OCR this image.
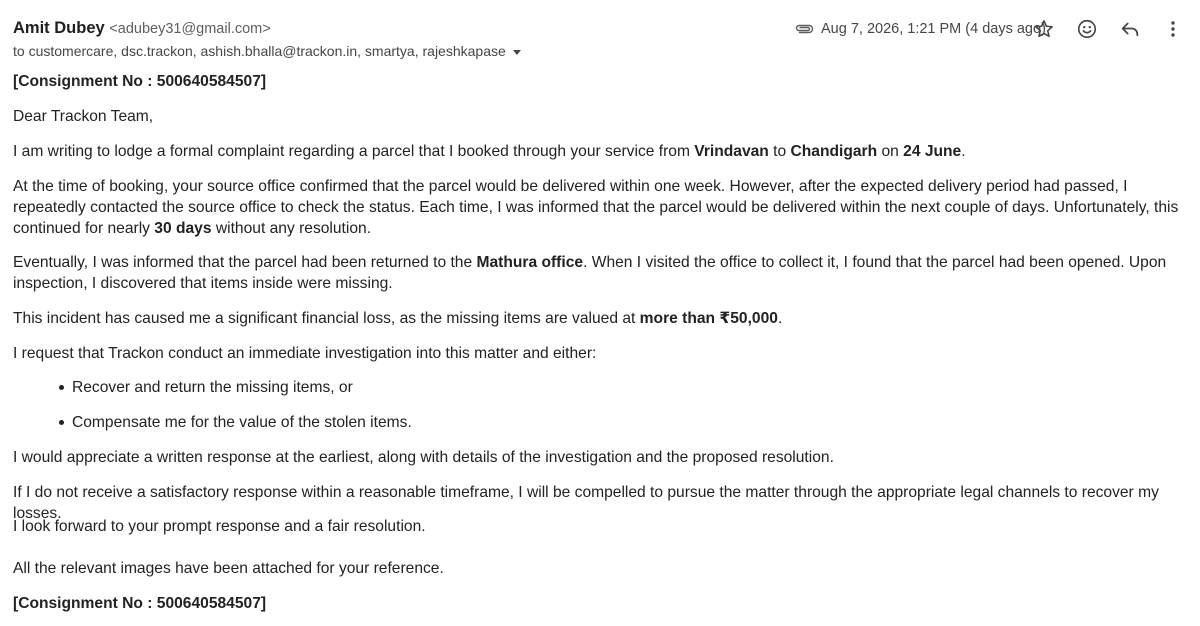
Amit Dubey <adubey31@gmail.com>
to customercare, dsc.trackon, ashish.bhalla@trackon.in, smartya, rajeshkapase
Aug 7, 2026, 1:21 PM (4 days ago)

[Consignment No : 500640584507]

Dear Trackon Team,

I am writing to lodge a formal complaint regarding a parcel that I booked through your service from Vrindavan to Chandigarh on 24 June.

At the time of booking, your source office confirmed that the parcel would be delivered within one week. However, after the expected delivery period had passed, I repeatedly contacted the source office to check the status. Each time, I was informed that the parcel would be delivered within the next couple of days. Unfortunately, this continued for nearly 30 days without any resolution.

Eventually, I was informed that the parcel had been returned to the Mathura office. When I visited the office to collect it, I found that the parcel had been opened. Upon inspection, I discovered that items inside were missing.

This incident has caused me a significant financial loss, as the missing items are valued at more than ₹50,000.

I request that Trackon conduct an immediate investigation into this matter and either:

Recover and return the missing items, or
Compensate me for the value of the stolen items.

I would appreciate a written response at the earliest, along with details of the investigation and the proposed resolution.

If I do not receive a satisfactory response within a reasonable timeframe, I will be compelled to pursue the matter through the appropriate legal channels to recover my losses.

I look forward to your prompt response and a fair resolution.

All the relevant images have been attached for your reference.

[Consignment No : 500640584507]
